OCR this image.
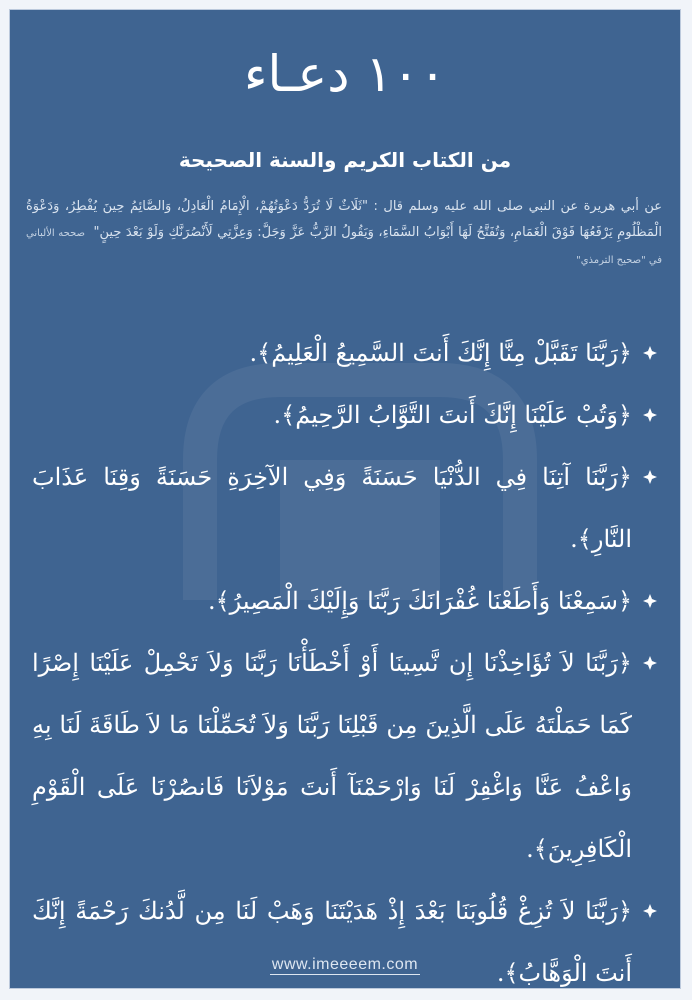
١٠٠ دعـاء
من الكتاب الكريم والسنة الصحيحة
عن أبي هريرة عن النبي صلى الله عليه وسلم قال : "ثَلَاثٌ لَا تُرَدُّ دَعْوَتُهُمْ، الْإِمَامُ الْعَادِلُ، وَالصَّائِمُ حِينَ يُفْطِرُ، وَدَعْوَةُ الْمَظْلُومِ يَرْفَعُهَا فَوْقَ الْغَمَامِ، وَتُفَتَّحُ لَهَا أَبْوَابُ السَّمَاءِ، وَيَقُولُ الرَّبُّ عَزَّ وَجَلَّ: وَعِزَّتِي لَأَنْصُرَنَّكِ وَلَوْ بَعْدَ حِينٍ" صححه الألباني في "صحيح الترمذي"
﴿رَبَّنَا تَقَبَّلْ مِنَّا إِنَّكَ أَنتَ السَّمِيعُ الْعَلِيمُ﴾.
﴿وَتُبْ عَلَيْنَا إِنَّكَ أَنتَ التَّوَّابُ الرَّحِيمُ﴾.
﴿رَبَّنَا آتِنَا فِي الدُّنْيَا حَسَنَةً وَفِي الآخِرَةِ حَسَنَةً وَقِنَا عَذَابَ النَّارِ﴾.
﴿سَمِعْنَا وَأَطَعْنَا غُفْرَانَكَ رَبَّنَا وَإِلَيْكَ الْمَصِيرُ﴾.
﴿رَبَّنَا لاَ تُؤَاخِذْنَا إِن نَّسِينَا أَوْ أَخْطَأْنَا رَبَّنَا وَلاَ تَحْمِلْ عَلَيْنَا إِصْرًا كَمَا حَمَلْتَهُ عَلَى الَّذِينَ مِن قَبْلِنَا رَبَّنَا وَلاَ تُحَمِّلْنَا مَا لاَ طَاقَةَ لَنَا بِهِ وَاعْفُ عَنَّا وَاغْفِرْ لَنَا وَارْحَمْنَآ أَنتَ مَوْلاَنَا فَانصُرْنَا عَلَى الْقَوْمِ الْكَافِرِينَ﴾.
﴿رَبَّنَا لاَ تُزِغْ قُلُوبَنَا بَعْدَ إِذْ هَدَيْتَنَا وَهَبْ لَنَا مِن لَّدُنكَ رَحْمَةً إِنَّكَ أَنتَ الْوَهَّابُ﴾.
www.imeeeem.com
